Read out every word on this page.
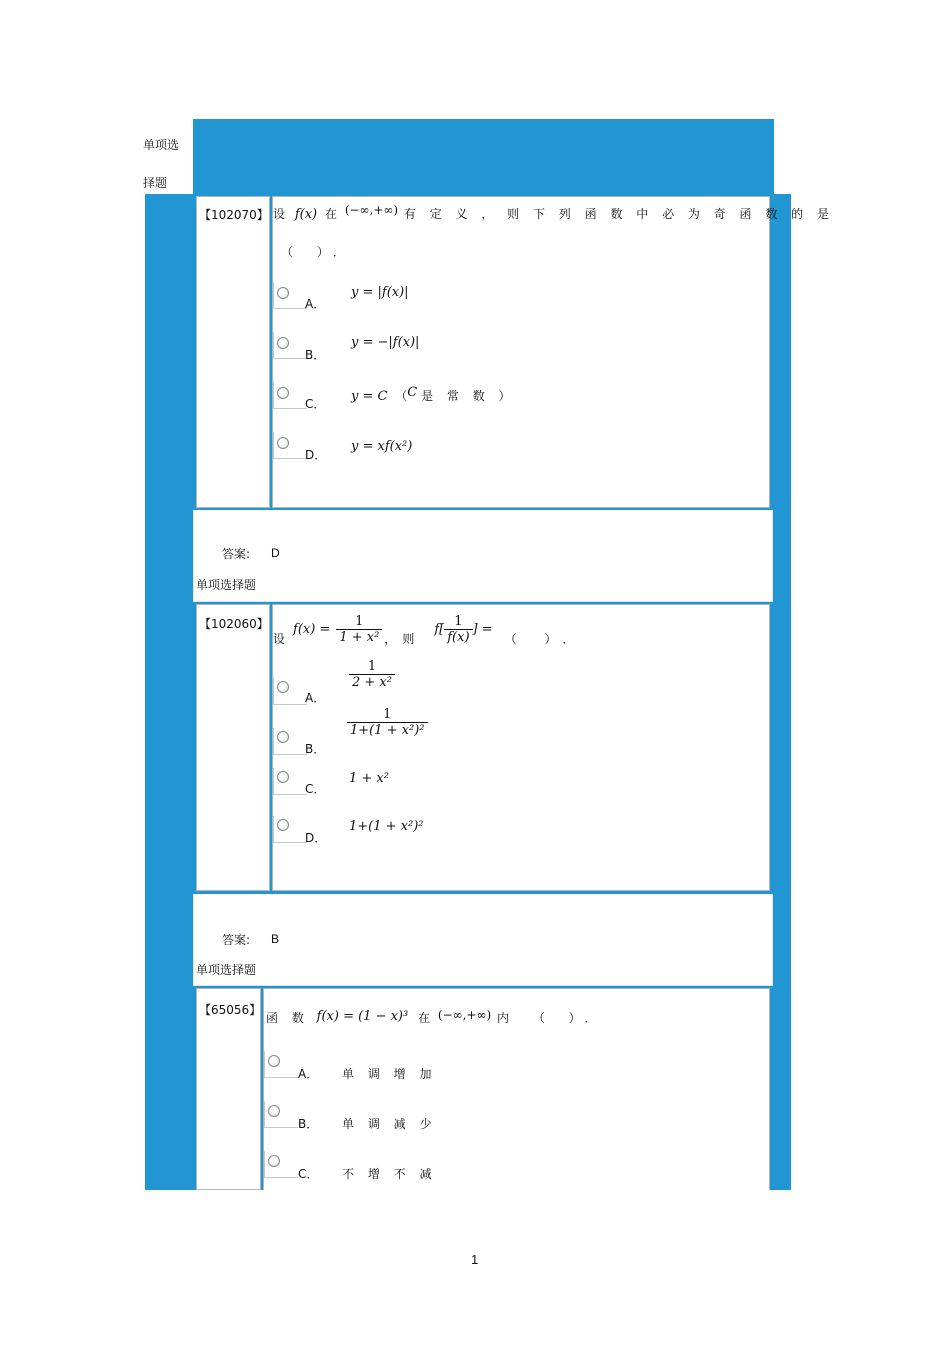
单项选
择题
【102070】 设 f(x) 在 (−∞,+∞) 有 定 义 ， 则 下 列 函 数 中 必 为 奇 函 数 的 是
（ ）．
A．
y = |f(x)|
B．
y = −|f(x)|
C． y = C （C 是 常 数 ）
D．
y = xf(x²)
答案: D
单项选择题
【102060】
设
$f(x) = \frac{1}{\text{1 + x²}}$ ， 则
$f[ \frac{1}{f(x)}$ ] =
（ ）．
A．
$\frac{1}{\text{2 + x²}}$
B．
$\frac{1}{\text{1+(1 + x²)²}}$
C．
1 + x²
D．
1+(1 + x²)²
答案: B
单项选择题
【65056】
函 数 f(x) = (1 − x)³ 在 (−∞,+∞) 内 （ ）．
A． 单 调 增 加
B． 单 调 减 少
C． 不 增 不 减
1
